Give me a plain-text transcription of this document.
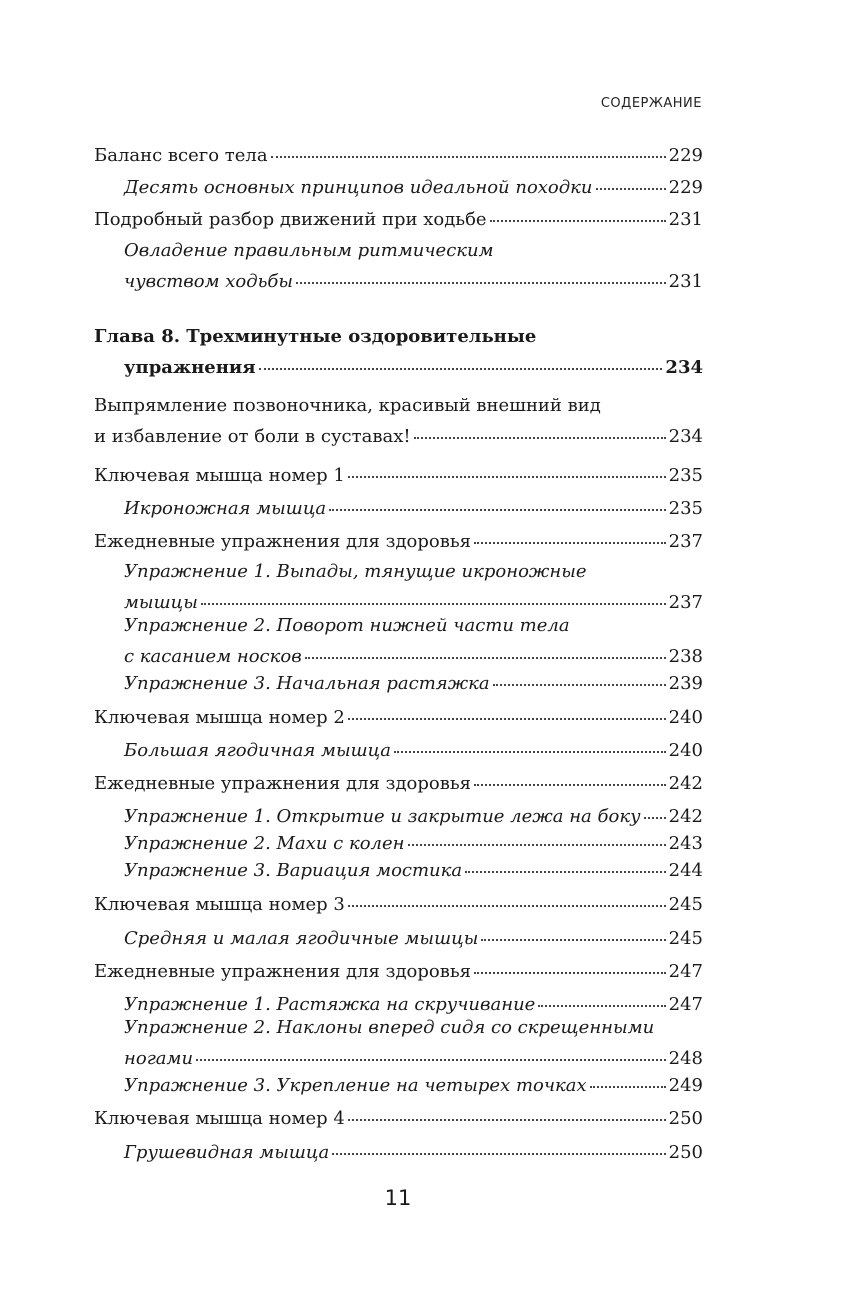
СОДЕРЖАНИЕ
Баланс всего тела	229
Десять основных принципов идеальной походки	229
Подробный разбор движений при ходьбе	231
Овладение правильным ритмическим
чувством ходьбы	231
Глава 8. Трехминутные оздоровительные
упражнения	234
Выпрямление позвоночника, красивый внешний вид
и избавление от боли в суставах!	234
Ключевая мышца номер 1	235
Икроножная мышца	235
Ежедневные упражнения для здоровья	237
Упражнение 1. Выпады, тянущие икроножные
мышцы	237
Упражнение 2. Поворот нижней части тела
с касанием носков	238
Упражнение 3. Начальная растяжка	239
Ключевая мышца номер 2	240
Большая ягодичная мышца	240
Ежедневные упражнения для здоровья	242
Упражнение 1. Открытие и закрытие лежа на боку 242
Упражнение 2. Махи с колен	243
Упражнение 3. Вариация мостика	244
Ключевая мышца номер 3	245
Средняя и малая ягодичные мышцы	245
Ежедневные упражнения для здоровья	247
Упражнение 1. Растяжка на скручивание	247
Упражнение 2. Наклоны вперед сидя со скрещенными
ногами	248
Упражнение 3. Укрепление на четырех точках	249
Ключевая мышца номер 4	250
Грушевидная мышца	250
11
